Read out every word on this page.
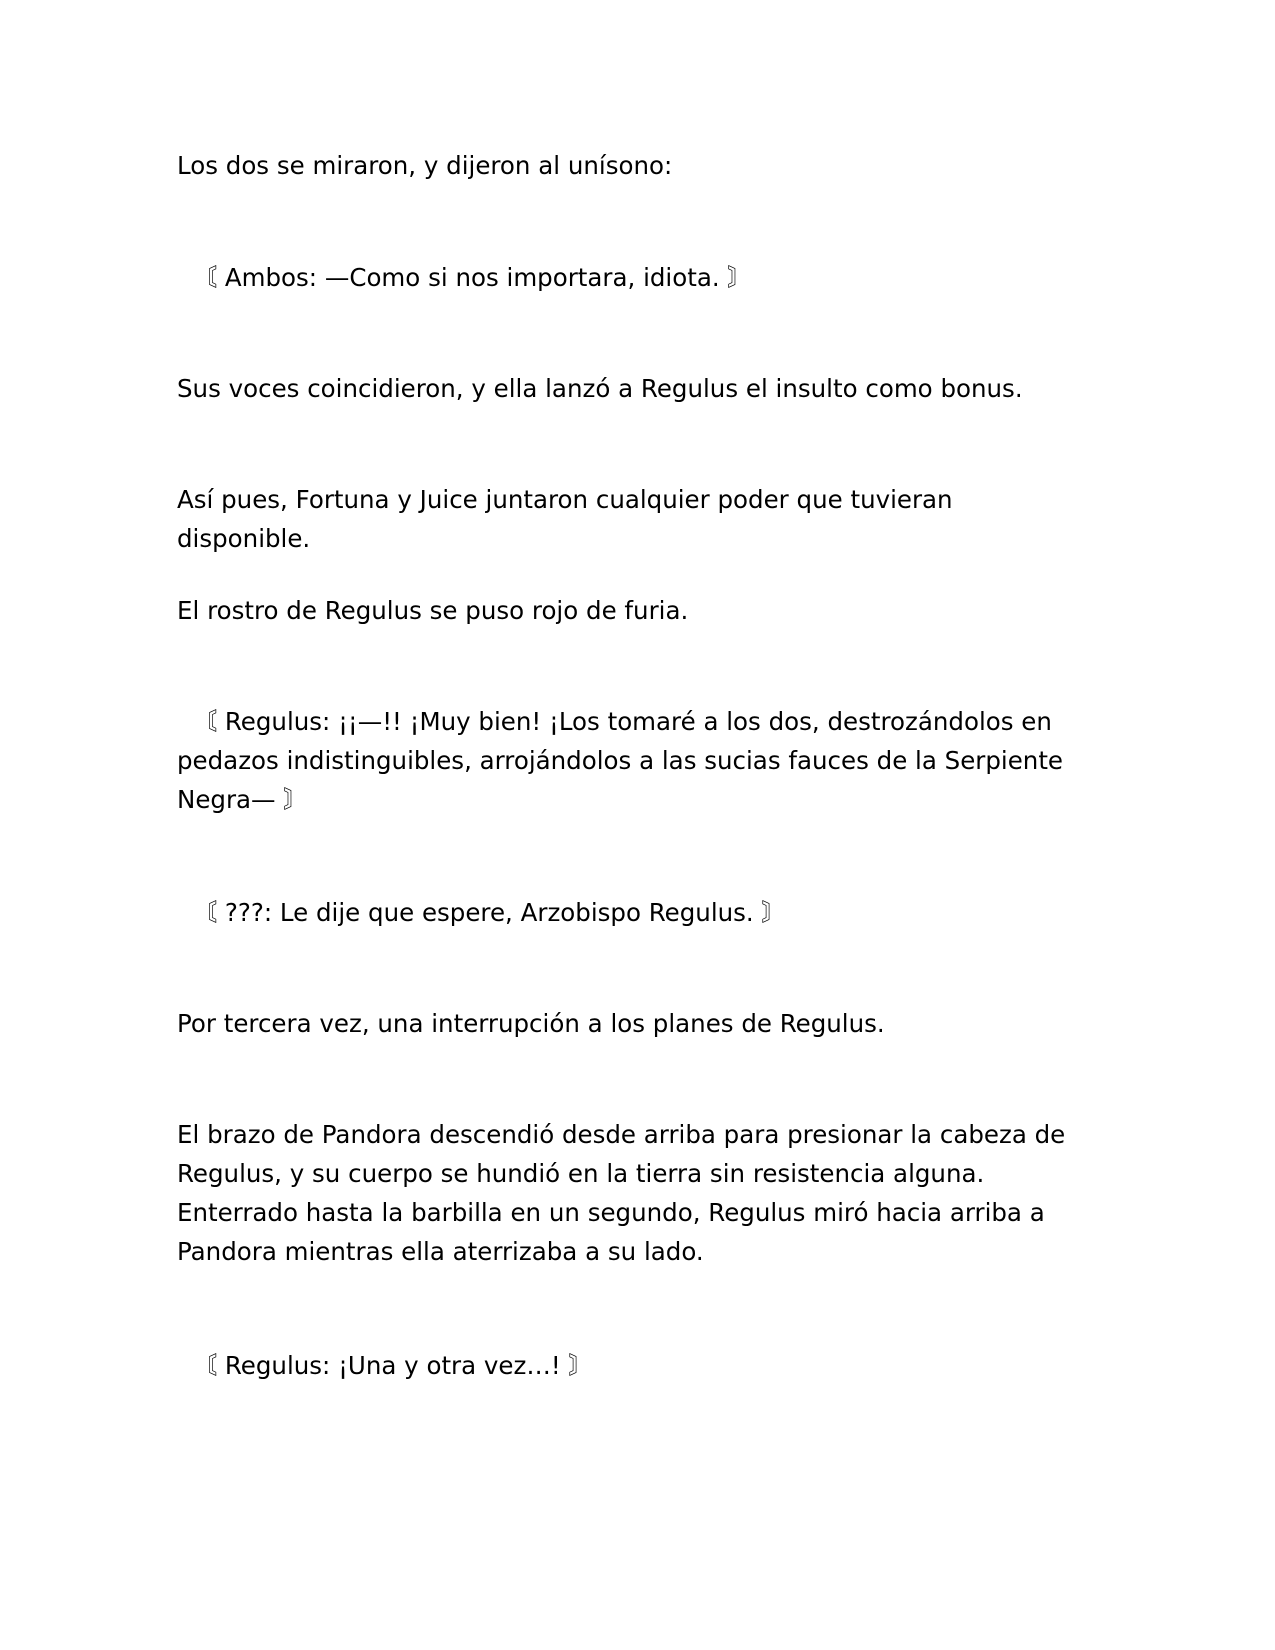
Los dos se miraron, y dijeron al unísono:

〘 Ambos: —Como si nos importara, idiota. 〙

Sus voces coincidieron, y ella lanzó a Regulus el insulto como bonus.

Así pues, Fortuna y Juice juntaron cualquier poder que tuvieran disponible.

El rostro de Regulus se puso rojo de furia.

〘 Regulus: ¡¡—!! ¡Muy bien! ¡Los tomaré a los dos, destrozándolos en pedazos indistinguibles, arrojándolos a las sucias fauces de la Serpiente Negra— 〙

〘 ???: Le dije que espere, Arzobispo Regulus. 〙

Por tercera vez, una interrupción a los planes de Regulus.

El brazo de Pandora descendió desde arriba para presionar la cabeza de Regulus, y su cuerpo se hundió en la tierra sin resistencia alguna. Enterrado hasta la barbilla en un segundo, Regulus miró hacia arriba a Pandora mientras ella aterrizaba a su lado.

〘 Regulus: ¡Una y otra vez…! 〙
